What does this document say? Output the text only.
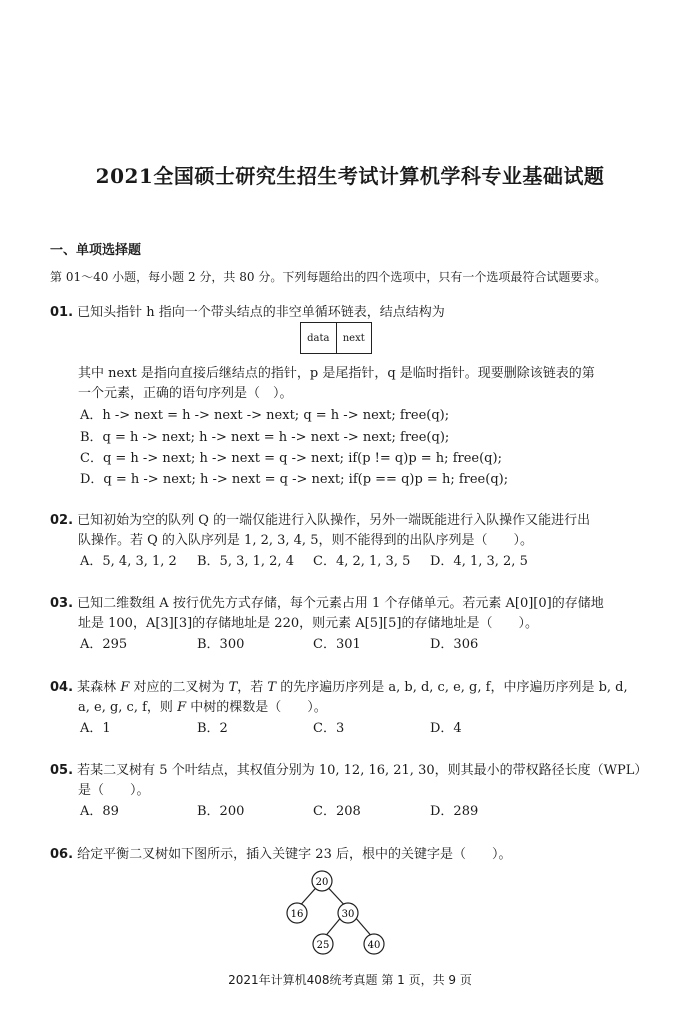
2021全国硕士研究生招生考试计算机学科专业基础试题
一、单项选择题
第 01～40 小题，每小题 2 分，共 80 分。下列每题给出的四个选项中，只有一个选项最符合试题要求。
01. 已知头指针 h 指向一个带头结点的非空单循环链表，结点结构为
data	next
其中 next 是指向直接后继结点的指针，p 是尾指针，q 是临时指针。现要删除该链表的第
一个元素，正确的语句序列是（　）。
A．h -> next = h -> next -> next; q = h -> next; free(q);
B．q = h -> next; h -> next = h -> next -> next; free(q);
C．q = h -> next; h -> next = q -> next; if(p != q)p = h; free(q);
D．q = h -> next; h -> next = q -> next; if(p == q)p = h; free(q);
02. 已知初始为空的队列 Q 的一端仅能进行入队操作，另外一端既能进行入队操作又能进行出
队操作。若 Q 的入队序列是 1, 2, 3, 4, 5，则不能得到的出队序列是（　　）。
A．5, 4, 3, 1, 2 B．5, 3, 1, 2, 4 C．4, 2, 1, 3, 5 D．4, 1, 3, 2, 5
03. 已知二维数组 A 按行优先方式存储，每个元素占用 1 个存储单元。若元素 A[0][0]的存储地
址是 100，A[3][3]的存储地址是 220，则元素 A[5][5]的存储地址是（　　）。
A．295	B．300	C．301	D．306
04. 某森林 F 对应的二叉树为 T，若 T 的先序遍历序列是 a, b, d, c, e, g, f，中序遍历序列是 b, d,
a, e, g, c, f，则 F 中树的棵数是（　　）。
A．1	B．2	C．3	D．4
05. 若某二叉树有 5 个叶结点，其权值分别为 10, 12, 16, 21, 30，则其最小的带权路径长度（WPL）
是（　　）。
A．89	B．200	C．208	D．289
06. 给定平衡二叉树如下图所示，插入关键字 23 后，根中的关键字是（　　）。
20
16	30
25	40
2021年计算机408统考真题 第 1 页，共 9 页
